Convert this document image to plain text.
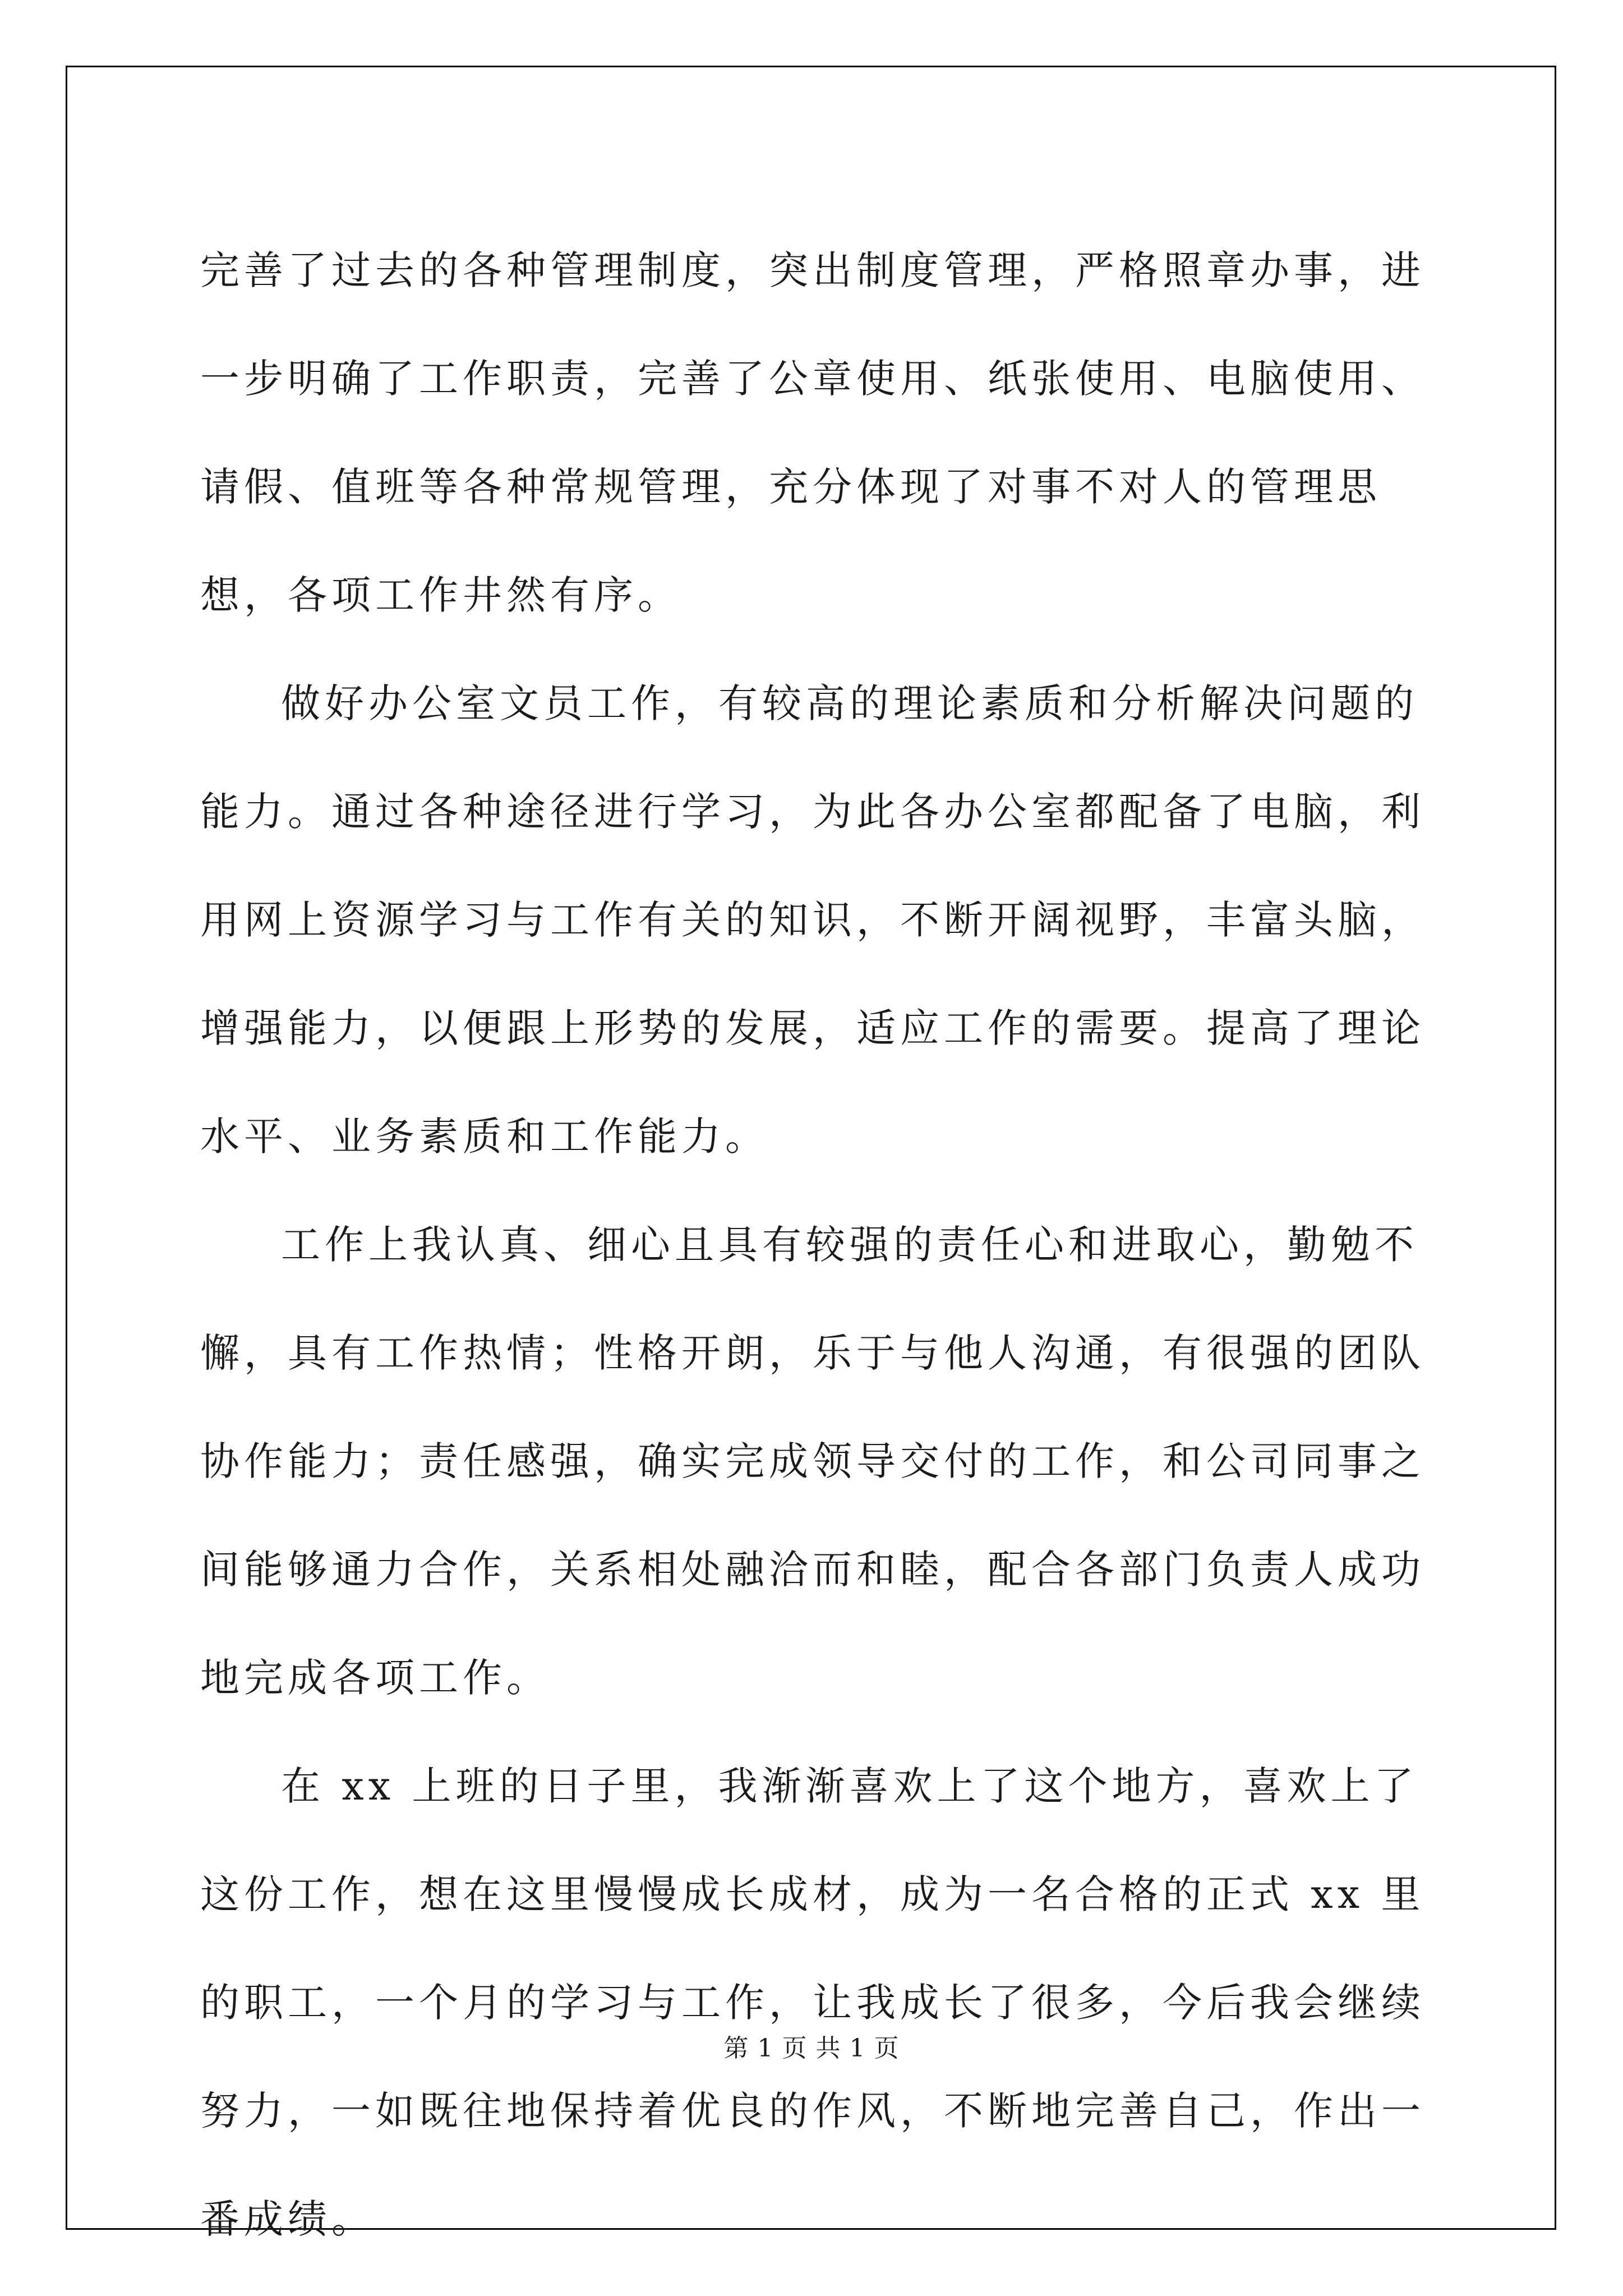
完善了过去的各种管理制度，突出制度管理，严格照章办事，进一步明确了工作职责，完善了公章使用、纸张使用、电脑使用、请假、值班等各种常规管理，充分体现了对事不对人的管理思想，各项工作井然有序。

做好办公室文员工作，有较高的理论素质和分析解决问题的能力。通过各种途径进行学习，为此各办公室都配备了电脑，利用网上资源学习与工作有关的知识，不断开阔视野，丰富头脑，增强能力，以便跟上形势的发展，适应工作的需要。提高了理论水平、业务素质和工作能力。

工作上我认真、细心且具有较强的责任心和进取心，勤勉不懈，具有工作热情；性格开朗，乐于与他人沟通，有很强的团队协作能力；责任感强，确实完成领导交付的工作，和公司同事之间能够通力合作，关系相处融洽而和睦，配合各部门负责人成功地完成各项工作。

在 xx 上班的日子里，我渐渐喜欢上了这个地方，喜欢上了这份工作，想在这里慢慢成长成材，成为一名合格的正式 xx 里的职工，一个月的学习与工作，让我成长了很多，今后我会继续努力，一如既往地保持着优良的作风，不断地完善自己，作出一番成绩。

第 1 页 共 1 页
